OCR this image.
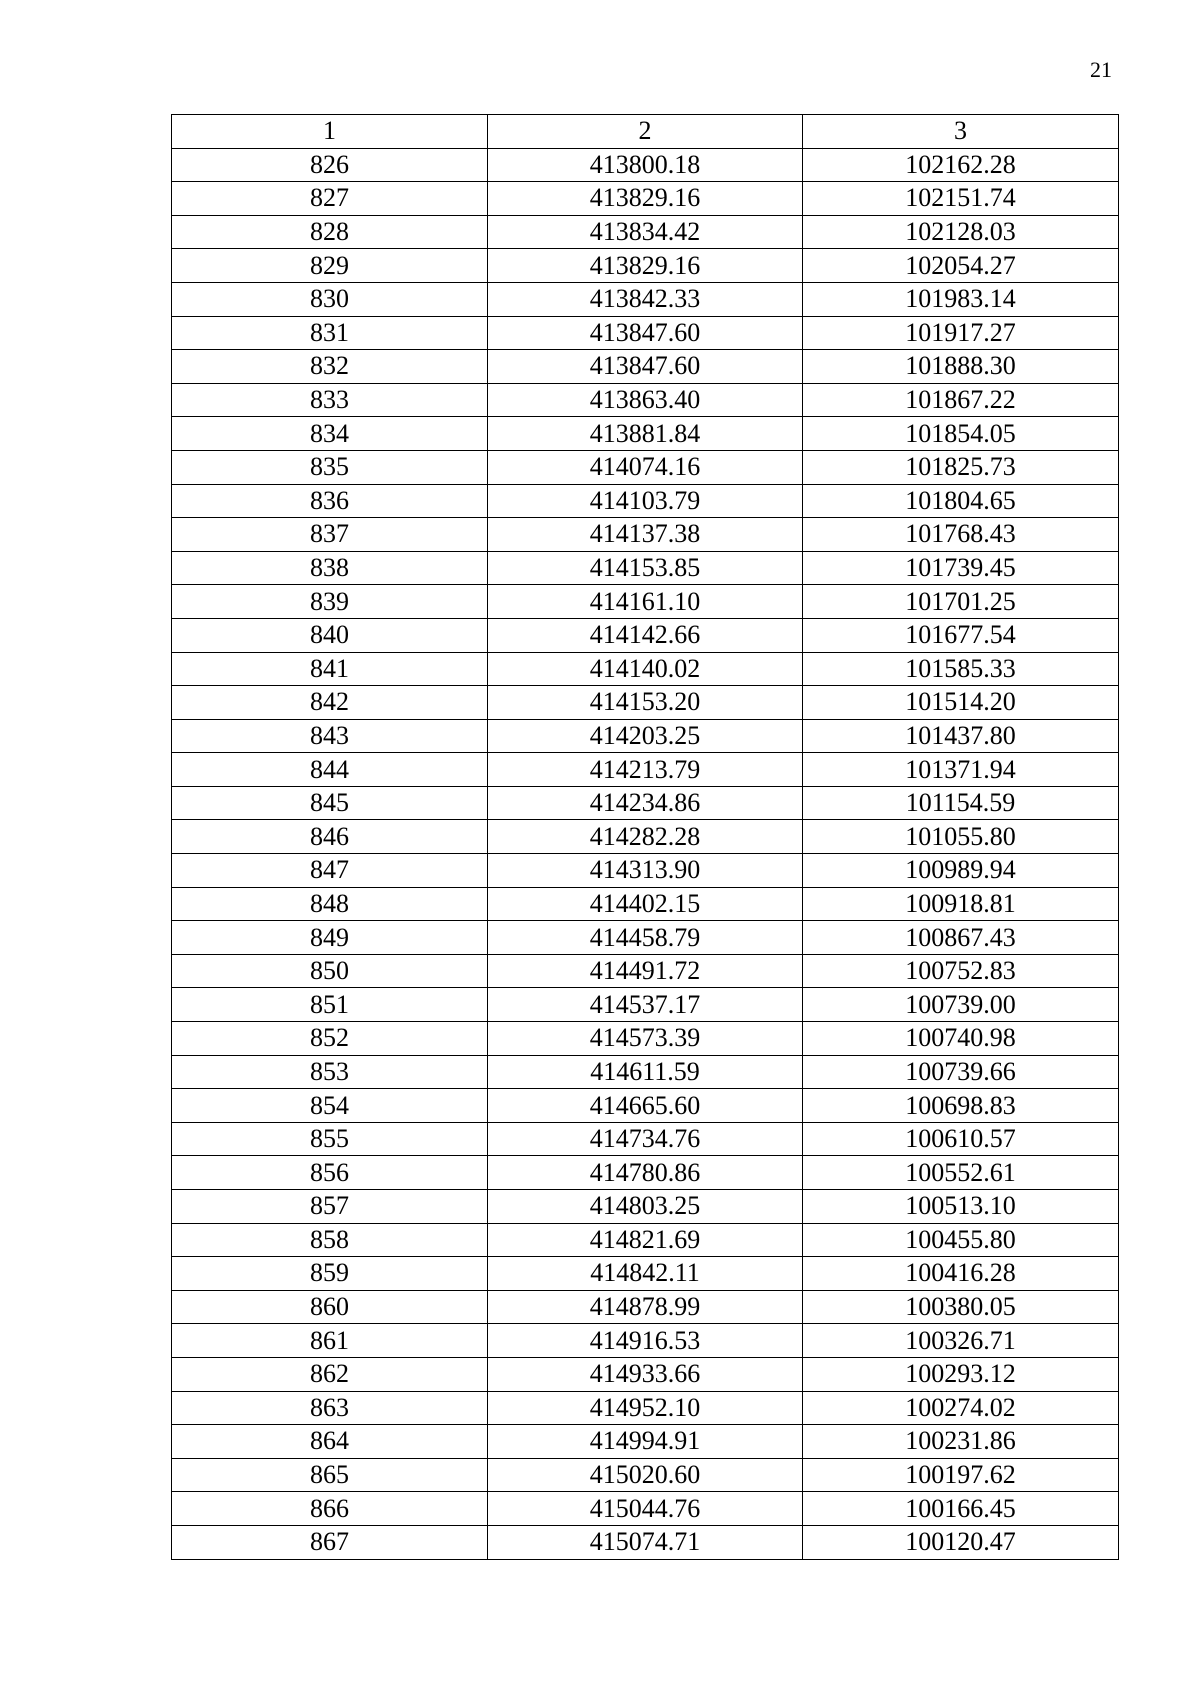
21
1	2	3
826	413800.18	102162.28
827	413829.16	102151.74
828	413834.42	102128.03
829	413829.16	102054.27
830	413842.33	101983.14
831	413847.60	101917.27
832	413847.60	101888.30
833	413863.40	101867.22
834	413881.84	101854.05
835	414074.16	101825.73
836	414103.79	101804.65
837	414137.38	101768.43
838	414153.85	101739.45
839	414161.10	101701.25
840	414142.66	101677.54
841	414140.02	101585.33
842	414153.20	101514.20
843	414203.25	101437.80
844	414213.79	101371.94
845	414234.86	101154.59
846	414282.28	101055.80
847	414313.90	100989.94
848	414402.15	100918.81
849	414458.79	100867.43
850	414491.72	100752.83
851	414537.17	100739.00
852	414573.39	100740.98
853	414611.59	100739.66
854	414665.60	100698.83
855	414734.76	100610.57
856	414780.86	100552.61
857	414803.25	100513.10
858	414821.69	100455.80
859	414842.11	100416.28
860	414878.99	100380.05
861	414916.53	100326.71
862	414933.66	100293.12
863	414952.10	100274.02
864	414994.91	100231.86
865	415020.60	100197.62
866	415044.76	100166.45
867	415074.71	100120.47
